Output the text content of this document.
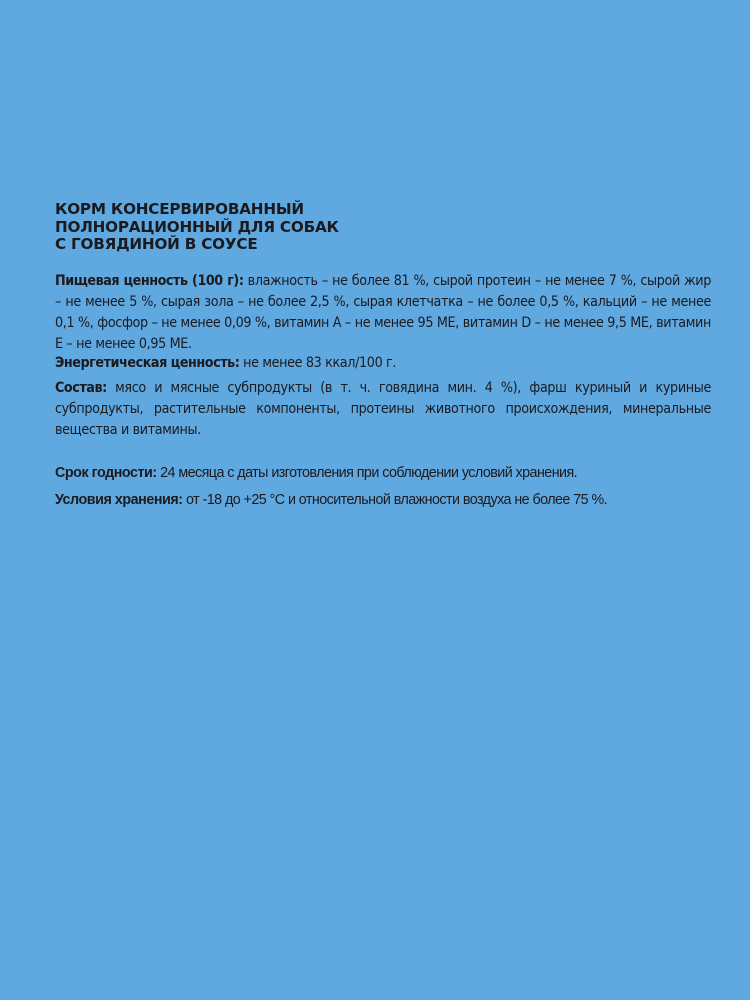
КОРМ КОНСЕРВИРОВАННЫЙ
ПОЛНОРАЦИОННЫЙ ДЛЯ СОБАК
С ГОВЯДИНОЙ В СОУСЕ

Пищевая ценность (100 г): влажность – не более 81 %, сырой протеин – не менее 7 %, сырой жир – не менее 5 %, сырая зола – не более 2,5 %, сырая клетчатка – не более 0,5 %, кальций – не менее 0,1 %, фосфор – не менее 0,09 %, витамин А – не менее 95 МЕ, витамин D – не менее 9,5 МЕ, витамин Е – не менее 0,95 МЕ.

Энергетическая ценность: не менее 83 ккал/100 г.

Состав: мясо и мясные субпродукты (в т. ч. говядина мин. 4 %), фарш куриный и куриные субпродукты, растительные компоненты, протеины животного происхождения, минеральные вещества и витамины.

Срок годности: 24 месяца с даты изготовления при соблюдении условий хранения.

Условия хранения: от -18 до +25 °С и относительной влажности воздуха не более 75 %.
